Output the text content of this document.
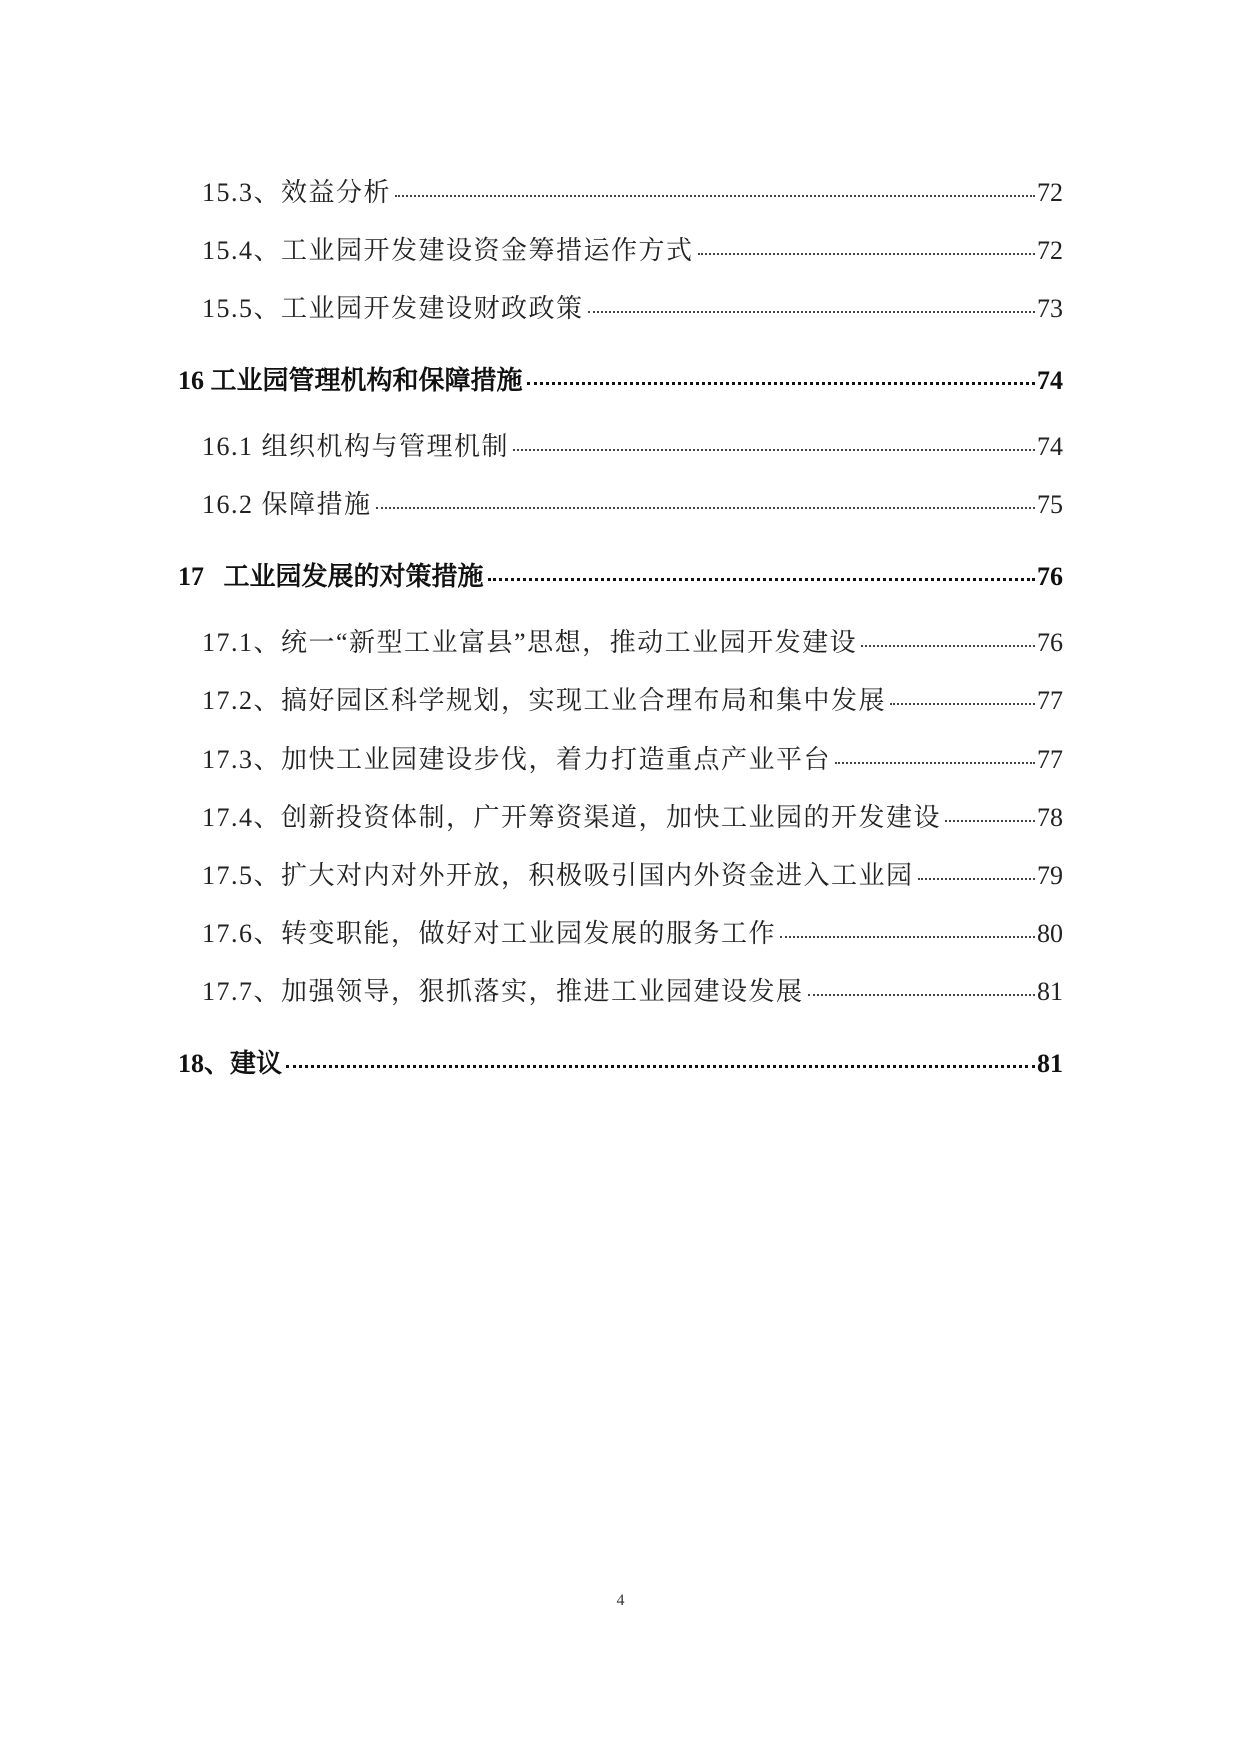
15.3、效益分析	72
15.4、工业园开发建设资金筹措运作方式	72
15.5、工业园开发建设财政政策	73
16 工业园管理机构和保障措施	74
16.1 组织机构与管理机制	74
16.2 保障措施	75
17   工业园发展的对策措施	76
17.1、统一“新型工业富县”思想，推动工业园开发建设	76
17.2、搞好园区科学规划，实现工业合理布局和集中发展	77
17.3、加快工业园建设步伐，着力打造重点产业平台	77
17.4、创新投资体制，广开筹资渠道，加快工业园的开发建设	78
17.5、扩大对内对外开放，积极吸引国内外资金进入工业园	79
17.6、转变职能，做好对工业园发展的服务工作	80
17.7、加强领导，狠抓落实，推进工业园建设发展	81
18、建议	81
4
